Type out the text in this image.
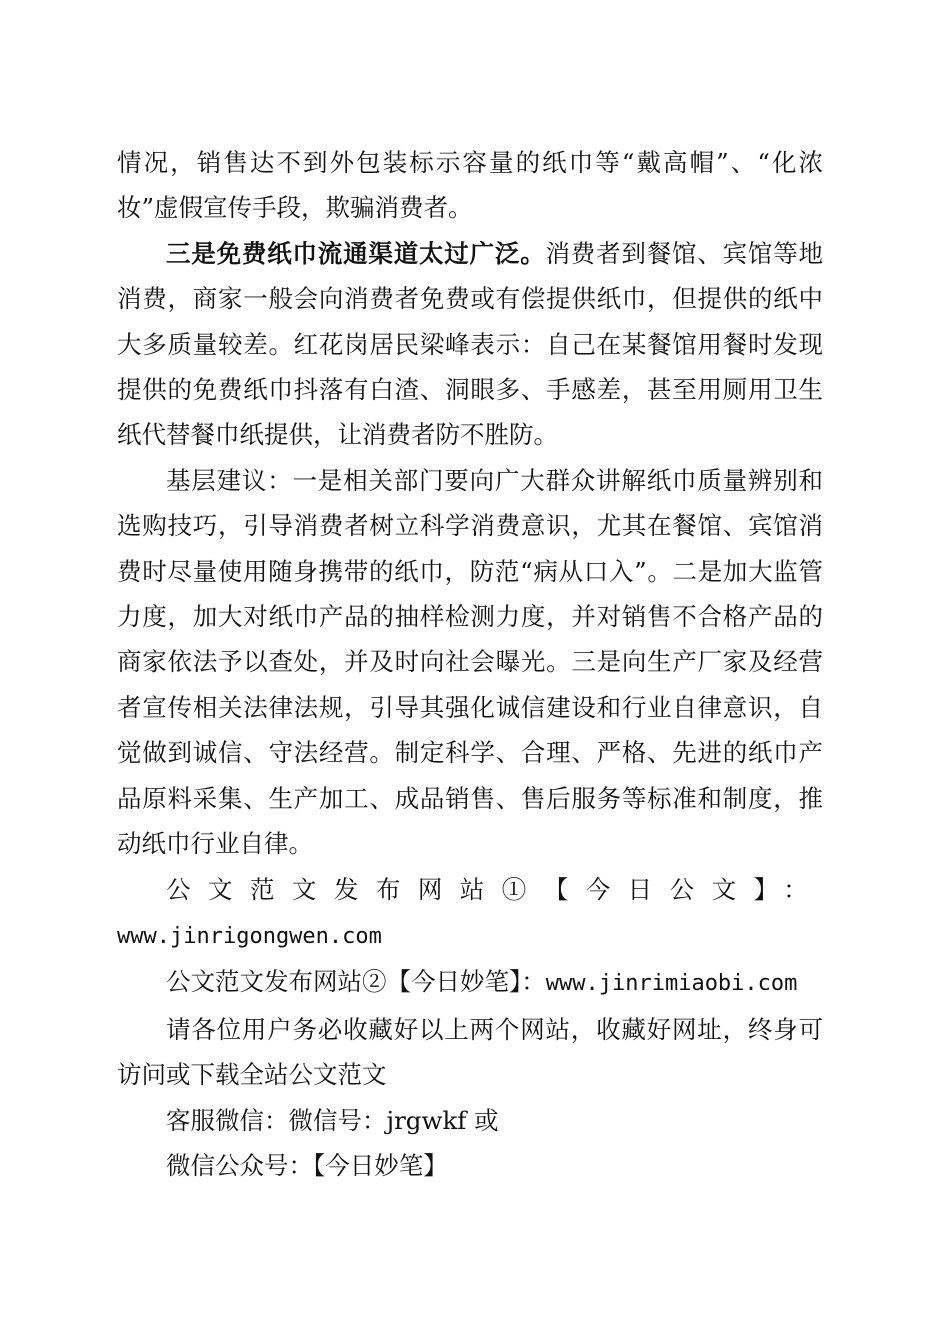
情况，销售达不到外包装标示容量的纸巾等“戴高帽”、“化浓妆”虚假宣传手段，欺骗消费者。

三是免费纸巾流通渠道太过广泛。消费者到餐馆、宾馆等地消费，商家一般会向消费者免费或有偿提供纸巾，但提供的纸中大多质量较差。红花岗居民梁峰表示：自己在某餐馆用餐时发现提供的免费纸巾抖落有白渣、洞眼多、手感差，甚至用厕用卫生纸代替餐巾纸提供，让消费者防不胜防。

基层建议：一是相关部门要向广大群众讲解纸巾质量辨别和选购技巧，引导消费者树立科学消费意识，尤其在餐馆、宾馆消费时尽量使用随身携带的纸巾，防范“病从口入”。二是加大监管力度，加大对纸巾产品的抽样检测力度，并对销售不合格产品的商家依法予以查处，并及时向社会曝光。三是向生产厂家及经营者宣传相关法律法规，引导其强化诚信建设和行业自律意识，自觉做到诚信、守法经营。制定科学、合理、严格、先进的纸巾产品原料采集、生产加工、成品销售、售后服务等标准和制度，推动纸巾行业自律。

公文范文发布网站①【今日公文】：www.jinrigongwen.com

公文范文发布网站②【今日妙笔】：www.jinrimiaobi.com

请各位用户务必收藏好以上两个网站，收藏好网址，终身可访问或下载全站公文范文

客服微信：微信号：jrgwkf 或

微信公众号：【今日妙笔】
